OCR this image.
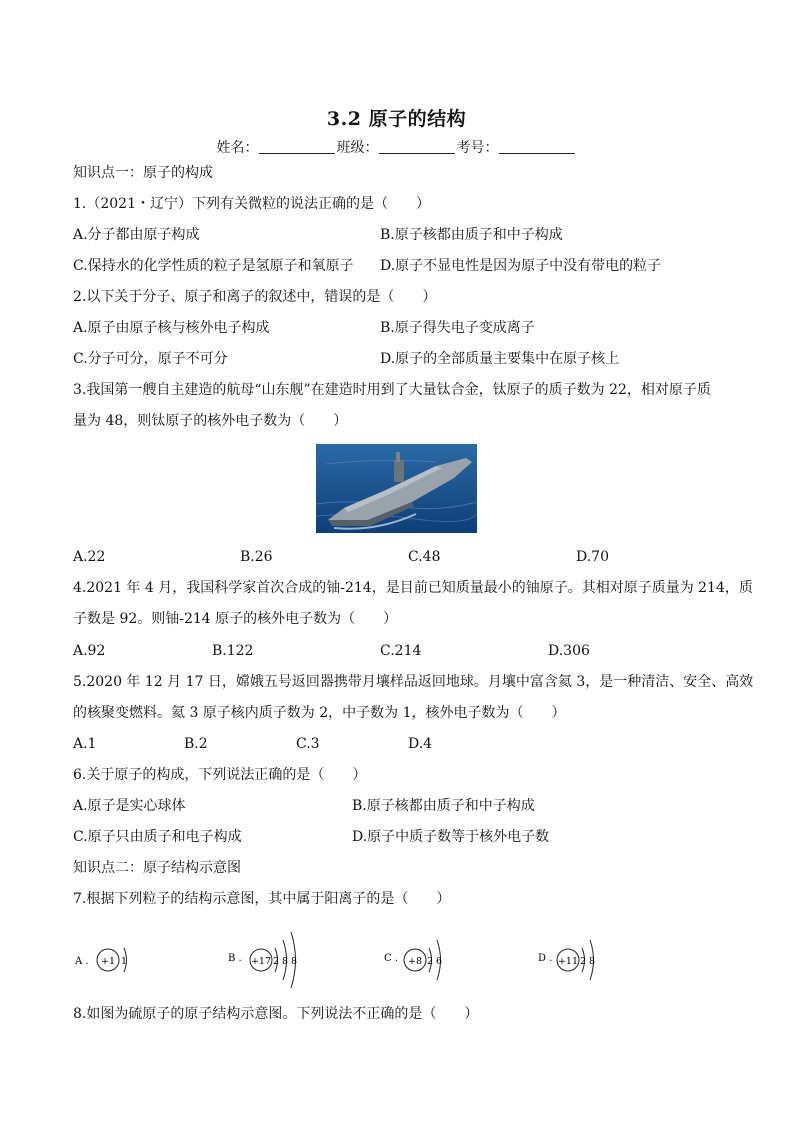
3.2 原子的结构
姓名：	班级：	考号：
知识点一：原子的构成
1.（2021・辽宁）下列有关微粒的说法正确的是（　　）
A.分子都由原子构成	B.原子核都由质子和中子构成
C.保持水的化学性质的粒子是氢原子和氧原子 D.原子不显电性是因为原子中没有带电的粒子
2.以下关于分子、原子和离子的叙述中，错误的是（　　）
A.原子由原子核与核外电子构成	B.原子得失电子变成离子
C.分子可分，原子不可分	D.原子的全部质量主要集中在原子核上
3.我国第一艘自主建造的航母“山东舰”在建造时用到了大量钛合金，钛原子的质子数为 22，相对原子质
量为 48，则钛原子的核外电子数为（　　）
A.22	B.26	C.48	D.70
4.2021 年 4 月，我国科学家首次合成的铀-214，是目前已知质量最小的铀原子。其相对原子质量为 214，质
子数是 92。则铀-214 原子的核外电子数为（　　）
A.92	B.122	C.214	D.306
5.2020 年 12 月 17 日，嫦娥五号返回器携带月壤样品返回地球。月壤中富含氦 3，是一种清洁、安全、高效
的核聚变燃料。氦 3 原子核内质子数为 2，中子数为 1，核外电子数为（　　）
A.1	B.2	C.3	D.4
6.关于原子的构成，下列说法正确的是（　　）
A.原子是实心球体	B.原子核都由质子和中子构成
C.原子只由质子和电子构成	D.原子中质子数等于核外电子数
知识点二：原子结构示意图
7.根据下列粒子的结构示意图，其中属于阳离子的是（　　）
A . +1 1	B . +17 2 8 8	C . +8 2 6	D . +11 2 8
8.如图为硫原子的原子结构示意图。下列说法不正确的是（　　）
